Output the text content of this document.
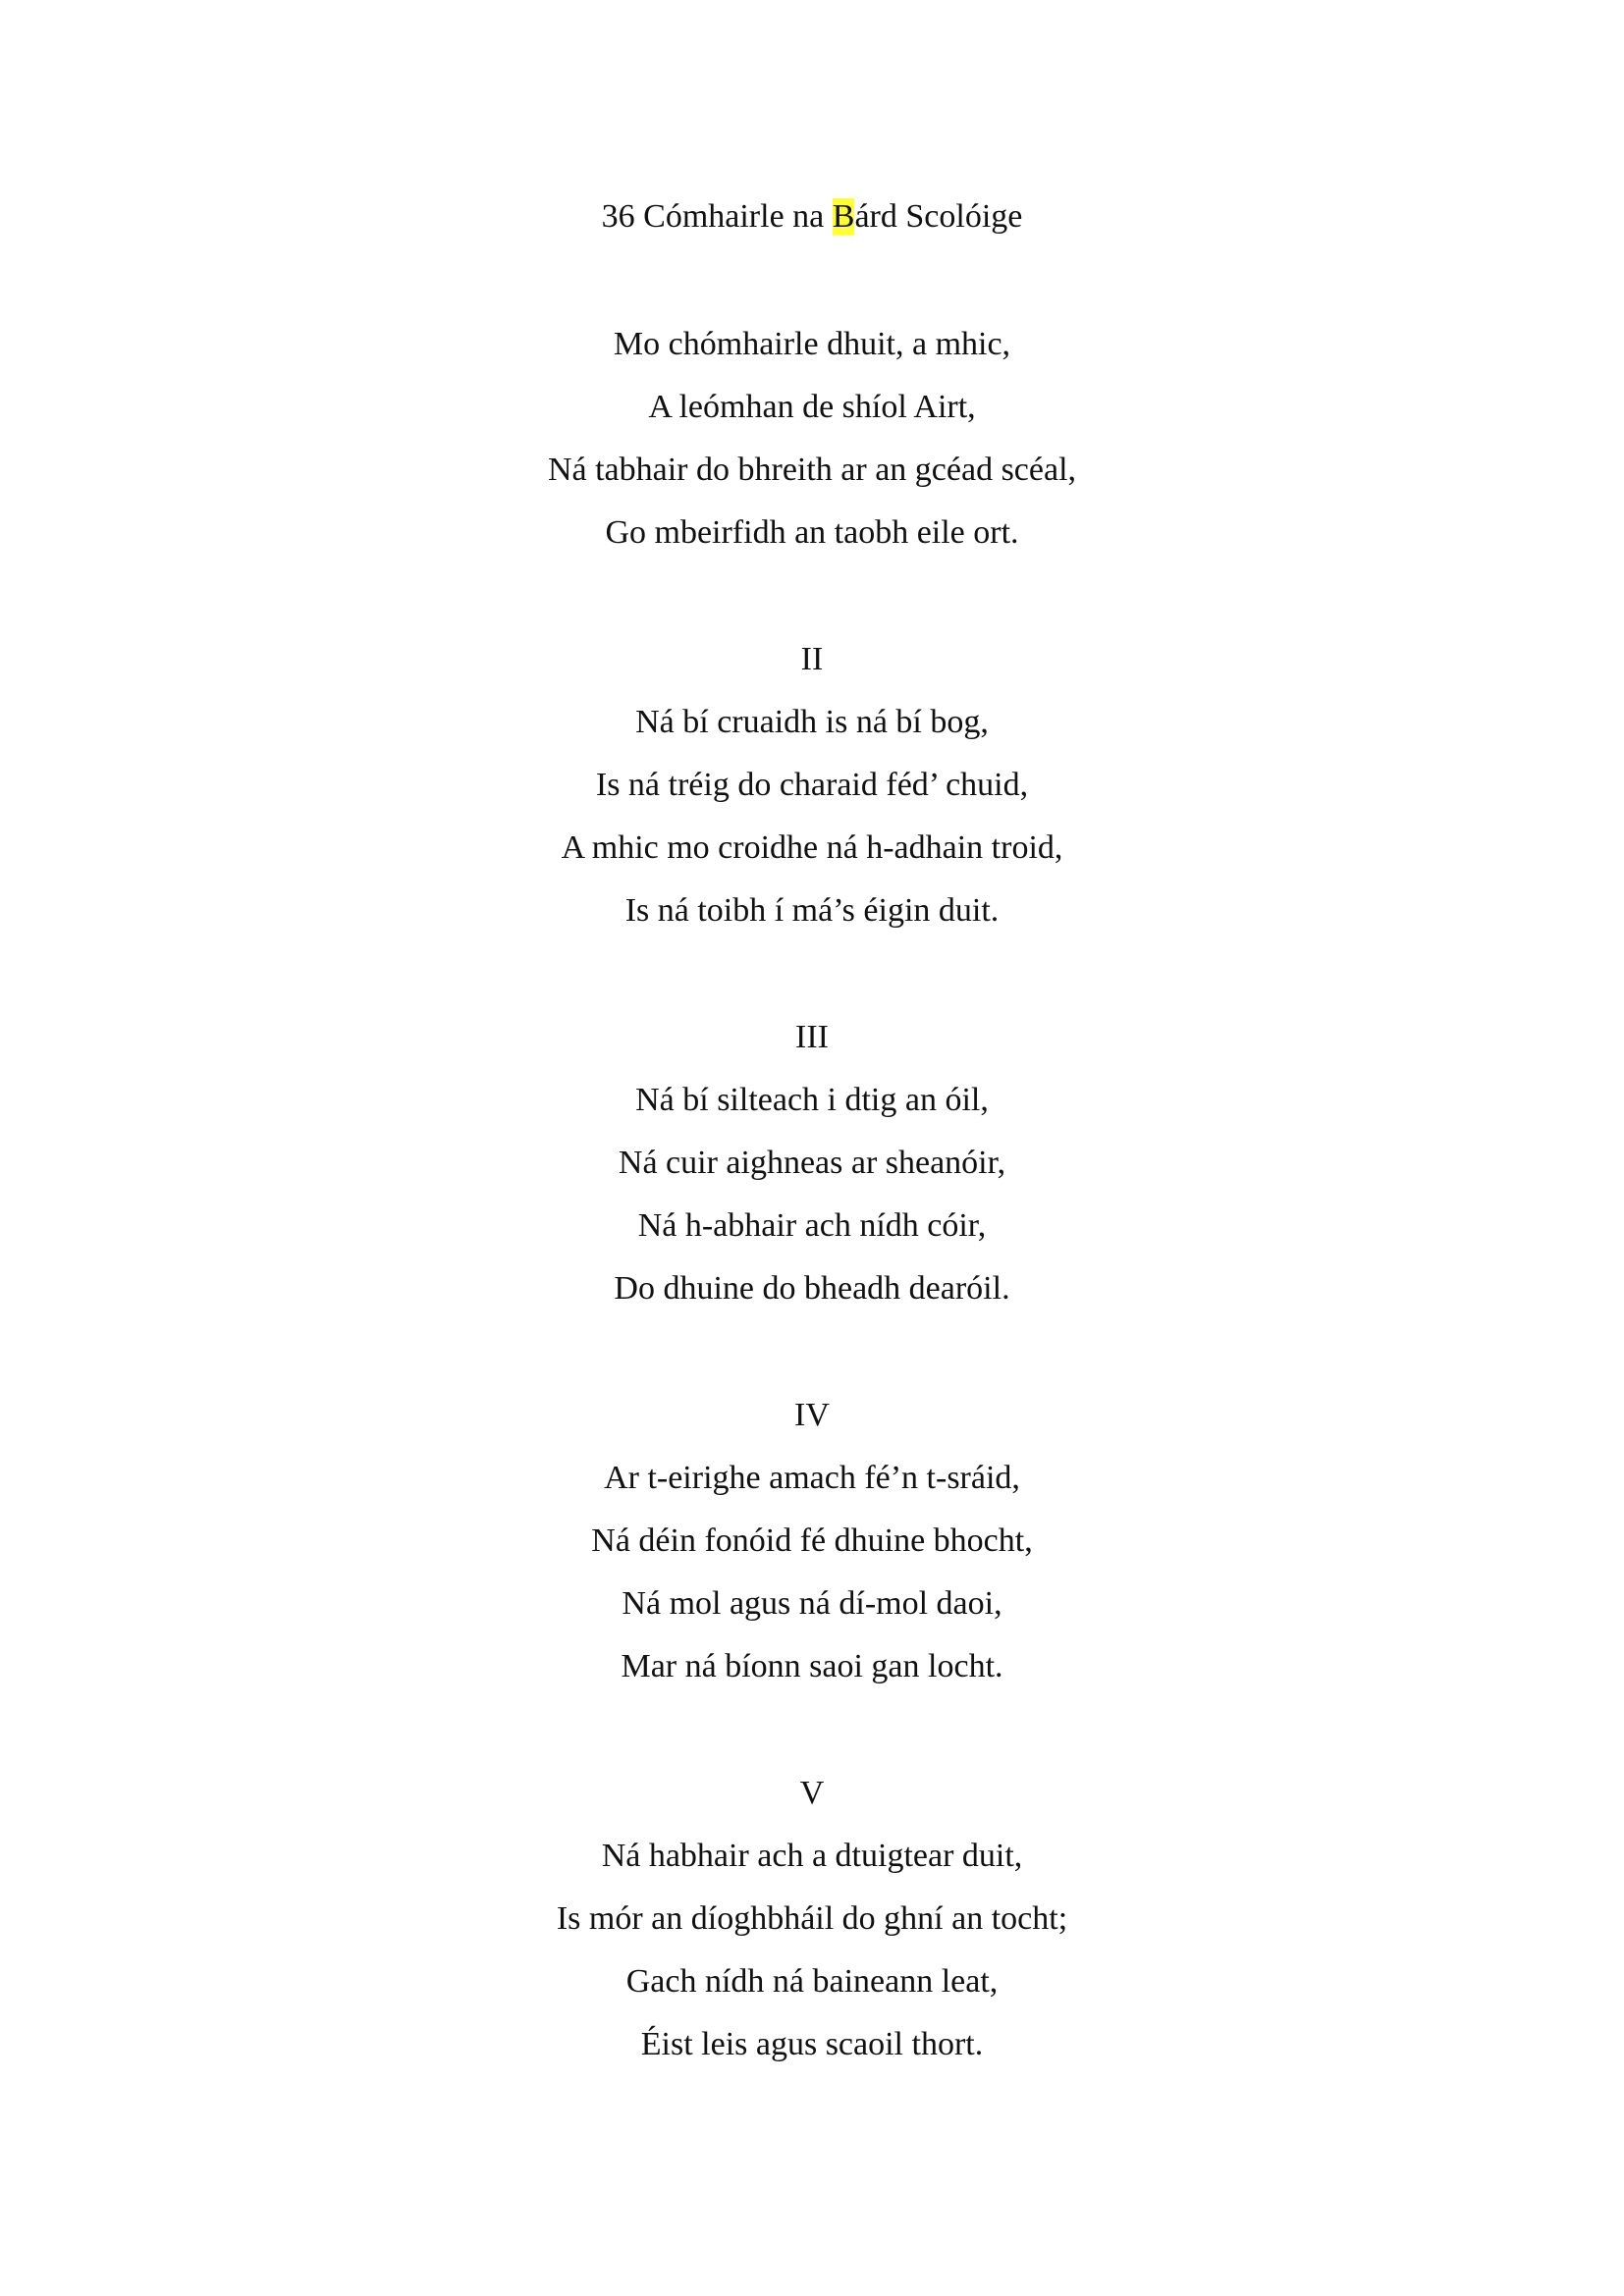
36 Cómhairle na Bárd Scolóige
Mo chómhairle dhuit, a mhic,
A leómhan de shíol Airt,
Ná tabhair do bhreith ar an gcéad scéal,
Go mbeirfidh an taobh eile ort.
II
Ná bí cruaidh is ná bí bog,
Is ná tréig do charaid féd’ chuid,
A mhic mo croidhe ná h-adhain troid,
Is ná toibh í má’s éigin duit.
III
Ná bí silteach i dtig an óil,
Ná cuir aighneas ar sheanóir,
Ná h-abhair ach nídh cóir,
Do dhuine do bheadh dearóil.
IV
Ar t-eirighe amach fé’n t-sráid,
Ná déin fonóid fé dhuine bhocht,
Ná mol agus ná dí-mol daoi,
Mar ná bíonn saoi gan locht.
V
Ná habhair ach a dtuigtear duit,
Is mór an díoghbháil do ghní an tocht;
Gach nídh ná baineann leat,
Éist leis agus scaoil thort.
